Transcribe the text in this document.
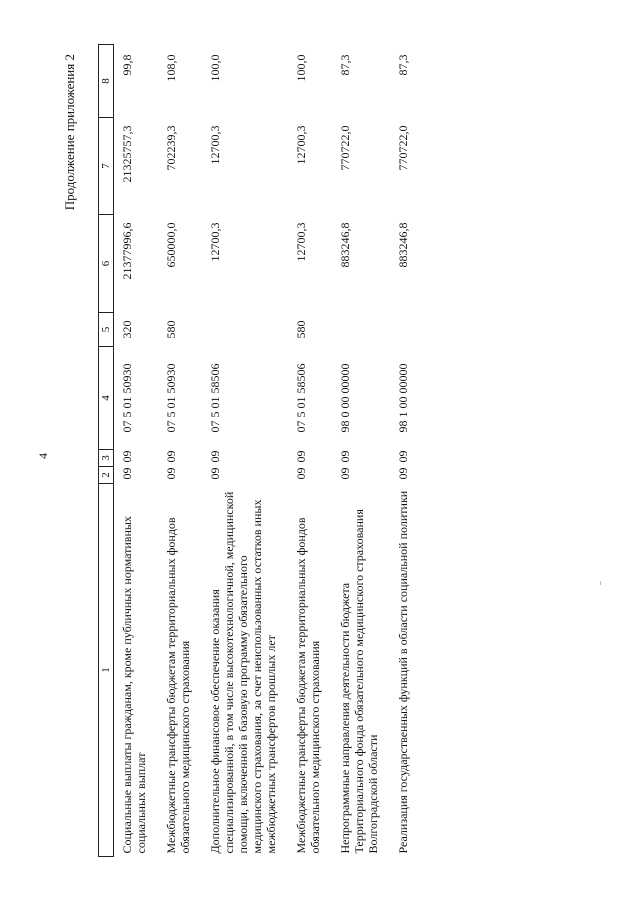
4
Продолжение приложения 2
1	2	3	4	5	6	7	8
Социальные выплаты гражданам, кроме публичных нормативных социальных выплат	09	09	07 5 01 50930	320	21377996,6	21325757,3	99,8
Межбюджетные трансферты бюджетам территориальных фондов обязательного медицинского страхования	09	09	07 5 01 50930	580	650000,0	702239,3	108,0
Дополнительное финансовое обеспечение оказания специализированной, в том числе высокотехнологичной, медицинской помощи, включенной в базовую программу обязательного медицинского страхования, за счет неиспользованных остатков иных межбюджетных трансфертов прошлых лет	09	09	07 5 01 58506		12700,3	12700,3	100,0
Межбюджетные трансферты бюджетам территориальных фондов обязательного медицинского страхования	09	09	07 5 01 58506	580	12700,3	12700,3	100,0
Непрограммные направления деятельности бюджета Территориального фонда обязательного медицинского страхования Волгоградской области	09	09	98 0 00 00000		883246,8	770722,0	87,3
Реализация государственных функций в области социальной политики	09	09	98 1 00 00000		883246,8	770722,0	87,3
